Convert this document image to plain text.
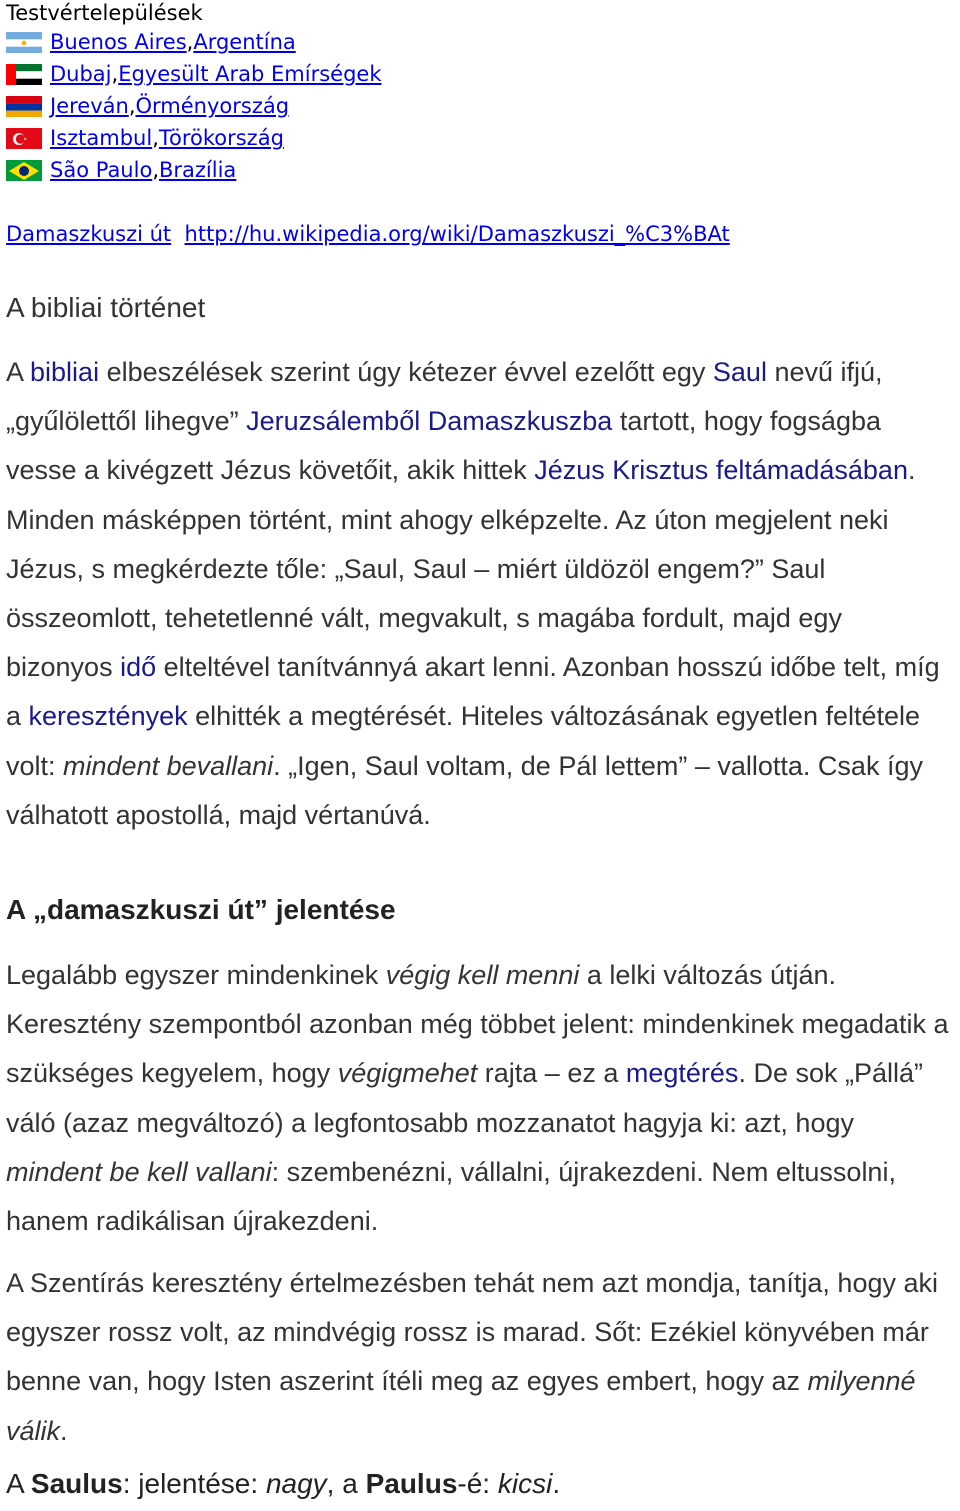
Testvértelepülések
Buenos Aires , Argentína
Dubaj , Egyesült Arab Emírségek
Jereván , Örményország
Isztambul , Törökország
São Paulo , Brazília
Damaszkuszi út http://hu.wikipedia.org/wiki/Damaszkuszi_%C3%BAt
A bibliai történet

A bibliai elbeszélések szerint úgy kétezer évvel ezelőtt egy Saul nevű ifjú, „gyűlölettől lihegve” Jeruzsálemből Damaszkuszba tartott, hogy fogságba vesse a kivégzett Jézus követőit, akik hittek Jézus Krisztus feltámadásában. Minden másképpen történt, mint ahogy elképzelte. Az úton megjelent neki Jézus, s megkérdezte tőle: „Saul, Saul – miért üldözöl engem?” Saul összeomlott, tehetetlenné vált, megvakult, s magába fordult, majd egy bizonyos idő elteltével tanítvánnyá akart lenni. Azonban hosszú időbe telt, míg a keresztények elhitték a megtérését. Hiteles változásának egyetlen feltétele volt: mindent bevallani. „Igen, Saul voltam, de Pál lettem” – vallotta. Csak így válhatott apostollá, majd vértanúvá.

A „damaszkuszi út” jelentése

Legalább egyszer mindenkinek végig kell menni a lelki változás útján. Keresztény szempontból azonban még többet jelent: mindenkinek megadatik a szükséges kegyelem, hogy végigmehet rajta – ez a megtérés. De sok „Pállá” váló (azaz megváltozó) a legfontosabb mozzanatot hagyja ki: azt, hogy mindent be kell vallani: szembenézni, vállalni, újrakezdeni. Nem eltussolni, hanem radikálisan újrakezdeni.

A Szentírás keresztény értelmezésben tehát nem azt mondja, tanítja, hogy aki egyszer rossz volt, az mindvégig rossz is marad. Sőt: Ezékiel könyvében már benne van, hogy Isten aszerint ítéli meg az egyes embert, hogy az milyenné válik.

A Saulus: jelentése: nagy, a Paulus-é: kicsi.
